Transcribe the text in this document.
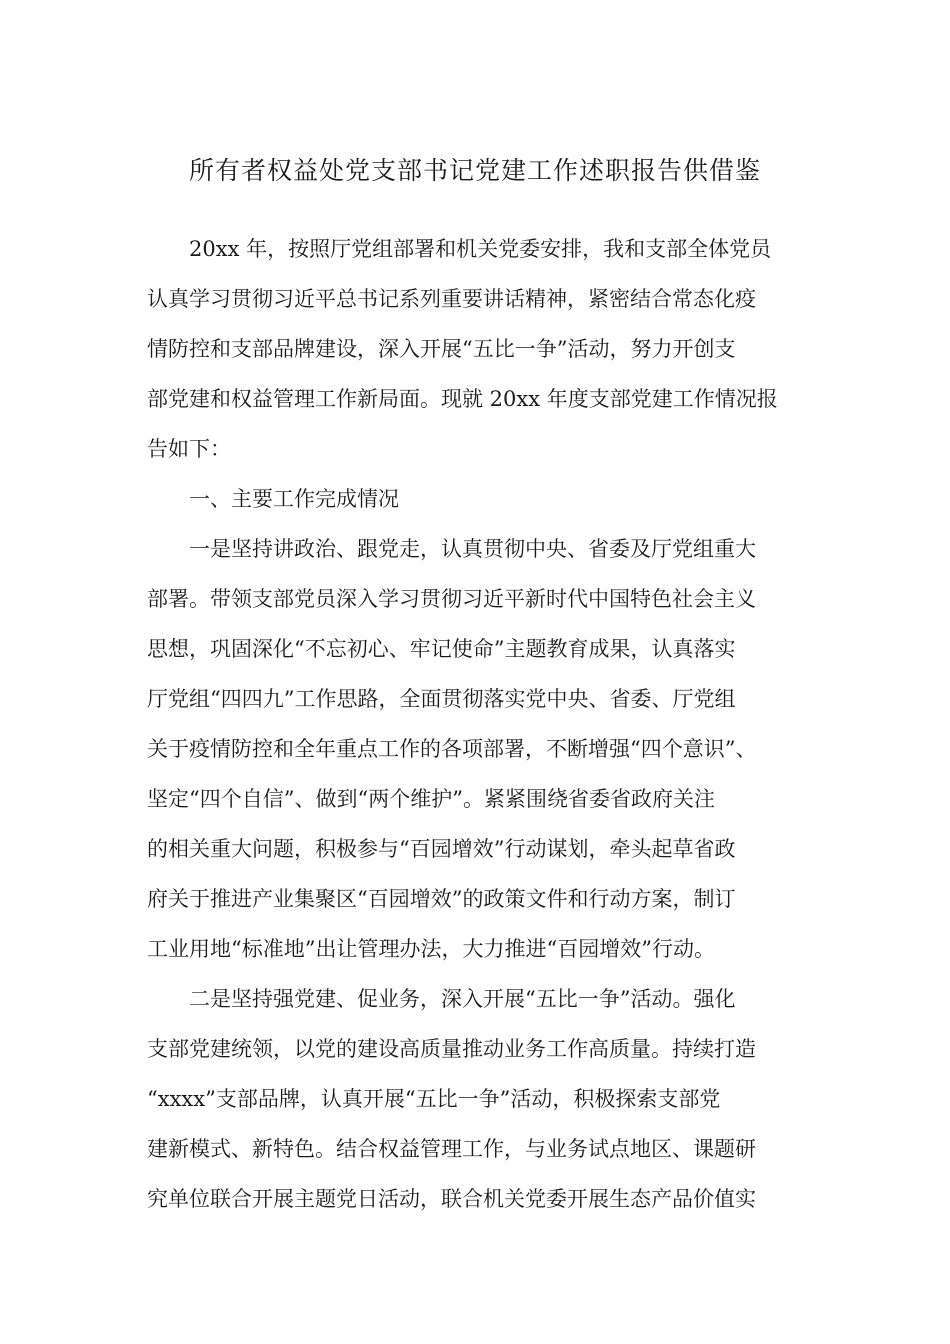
所有者权益处党支部书记党建工作述职报告供借鉴
　　20xx 年，按照厅党组部署和机关党委安排，我和支部全体党员
认真学习贯彻习近平总书记系列重要讲话精神，紧密结合常态化疫
情防控和支部品牌建设，深入开展“五比一争”活动，努力开创支
部党建和权益管理工作新局面。现就 20xx 年度支部党建工作情况报
告如下：
　　一、主要工作完成情况
　　一是坚持讲政治、跟党走，认真贯彻中央、省委及厅党组重大
部署。带领支部党员深入学习贯彻习近平新时代中国特色社会主义
思想，巩固深化“不忘初心、牢记使命”主题教育成果，认真落实
厅党组“四四九”工作思路，全面贯彻落实党中央、省委、厅党组
关于疫情防控和全年重点工作的各项部署，不断增强“四个意识”、
坚定“四个自信”、做到“两个维护”。紧紧围绕省委省政府关注
的相关重大问题，积极参与“百园增效”行动谋划，牵头起草省政
府关于推进产业集聚区“百园增效”的政策文件和行动方案，制订
工业用地“标准地”出让管理办法，大力推进“百园增效”行动。
　　二是坚持强党建、促业务，深入开展“五比一争”活动。强化
支部党建统领，以党的建设高质量推动业务工作高质量。持续打造
“xxxx”支部品牌，认真开展“五比一争”活动，积极探索支部党
建新模式、新特色。结合权益管理工作，与业务试点地区、课题研
究单位联合开展主题党日活动，联合机关党委开展生态产品价值实
